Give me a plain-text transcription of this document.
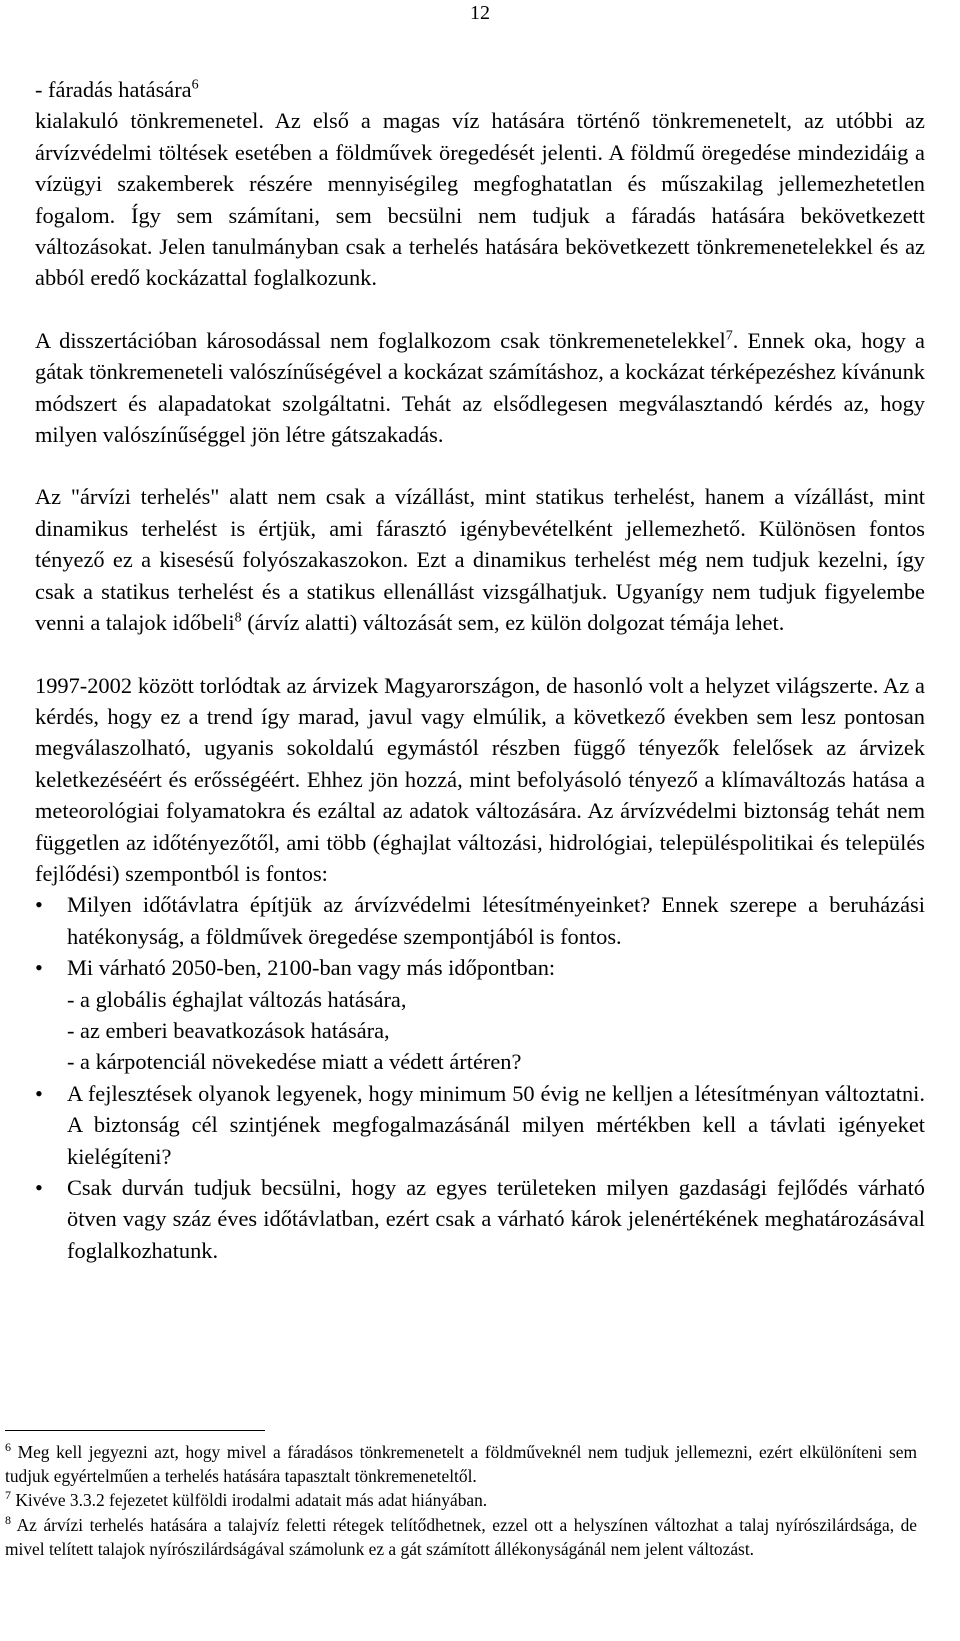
12

- fáradás hatására$^6$

kialakuló tönkremenetel. Az első a magas víz hatására történő tönkremenetelt, az utóbbi az árvízvédelmi töltések esetében a földművek öregedését jelenti. A földmű öregedése mindezidáig a vízügyi szakemberek részére mennyiségileg megfoghatatlan és műszakilag jellemezhetetlen fogalom. Így sem számítani, sem becsülni nem tudjuk a fáradás hatására bekövetkezett változásokat. Jelen tanulmányban csak a terhelés hatására bekövetkezett tönkremenetelekkel és az abból eredő kockázattal foglalkozunk.

A disszertációban károsodással nem foglalkozom csak tönkremenetelekkel$^7$. Ennek oka, hogy a gátak tönkremeneteli valószínűségével a kockázat számításhoz, a kockázat térképezéshez kívánunk módszert és alapadatokat szolgáltatni. Tehát az elsődlegesen megválasztandó kérdés az, hogy milyen valószínűséggel jön létre gátszakadás.

Az "árvízi terhelés" alatt nem csak a vízállást, mint statikus terhelést, hanem a vízállást, mint dinamikus terhelést is értjük, ami fárasztó igénybevételként jellemezhető. Különösen fontos tényező ez a kisesésű folyószakaszokon. Ezt a dinamikus terhelést még nem tudjuk kezelni, így csak a statikus terhelést és a statikus ellenállást vizsgálhatjuk. Ugyanígy nem tudjuk figyelembe venni a talajok időbeli$^8$ (árvíz alatti) változását sem, ez külön dolgozat témája lehet.

1997-2002 között torlódtak az árvizek Magyarországon, de hasonló volt a helyzet világszerte. Az a kérdés, hogy ez a trend így marad, javul vagy elmúlik, a következő években sem lesz pontosan megválaszolható, ugyanis sokoldalú egymástól részben függő tényezők felelősek az árvizek keletkezéséért és erősségéért. Ehhez jön hozzá, mint befolyásoló tényező a klímaváltozás hatása a meteorológiai folyamatokra és ezáltal az adatok változására. Az árvízvédelmi biztonság tehát nem független az időtényezőtől, ami több (éghajlat változási, hidrológiai, településpolitikai és település fejlődési) szempontból is fontos:

•	Milyen időtávlatra építjük az árvízvédelmi létesítményeinket? Ennek szerepe a beruházási hatékonyság, a földművek öregedése szempontjából is fontos.
•	Mi várható 2050-ben, 2100-ban vagy más időpontban:
- a globális éghajlat változás hatására,
- az emberi beavatkozások hatására,
- a kárpotenciál növekedése miatt a védett ártéren?
•	A fejlesztések olyanok legyenek, hogy minimum 50 évig ne kelljen a létesítményan változtatni. A biztonság cél szintjének megfogalmazásánál milyen mértékben kell a távlati igényeket kielégíteni?
•	Csak durván tudjuk becsülni, hogy az egyes területeken milyen gazdasági fejlődés várható ötven vagy száz éves időtávlatban, ezért csak a várható károk jelenértékének meghatározásával foglalkozhatunk.

$^6$ Meg kell jegyezni azt, hogy mivel a fáradásos tönkremenetelt a földműveknél nem tudjuk jellemezni, ezért elkülöníteni sem tudjuk egyértelműen a terhelés hatására tapasztalt tönkremeneteltől.

$^7$ Kivéve 3.3.2 fejezetet külföldi irodalmi adatait más adat hiányában.

$^8$ Az árvízi terhelés hatására a talajvíz feletti rétegek telítődhetnek, ezzel ott a helyszínen változhat a talaj nyírószilárdsága, de mivel telített talajok nyírószilárdságával számolunk ez a gát számított állékonyságánál nem jelent változást.
